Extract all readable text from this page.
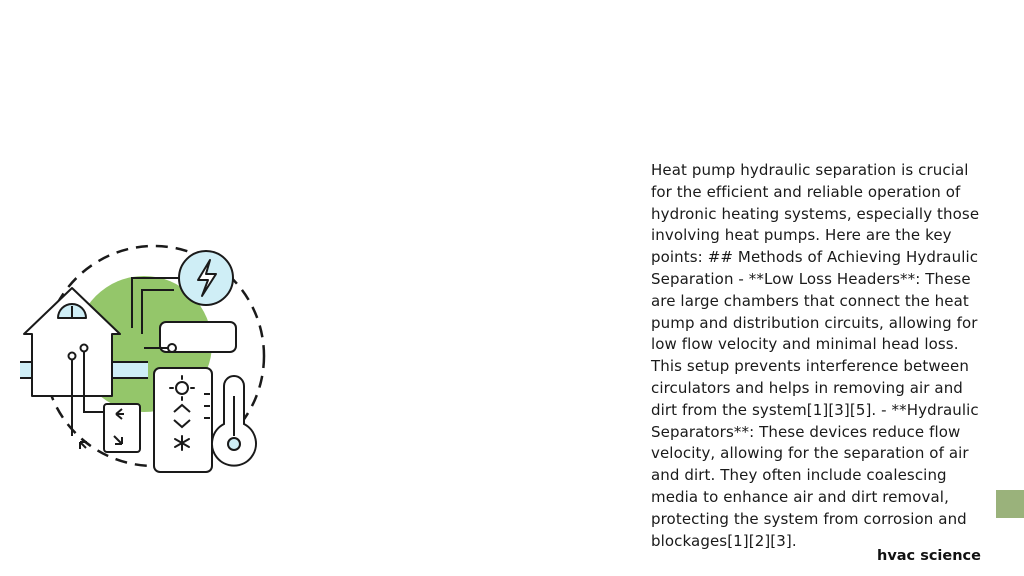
Heat pump hydraulic separation is crucial for the efficient and reliable operation of hydronic heating systems, especially those involving heat pumps. Here are the key points: ## Methods of Achieving Hydraulic Separation - **Low Loss Headers**: These are large chambers that connect the heat pump and distribution circuits, allowing for low flow velocity and minimal head loss. This setup prevents interference between circulators and helps in removing air and dirt from the system[1][3][5]. - **Hydraulic Separators**: These devices reduce flow velocity, allowing for the separation of air and dirt. They often include coalescing media to enhance air and dirt removal, protecting the system from corrosion and blockages[1][2][3].

hvac science
